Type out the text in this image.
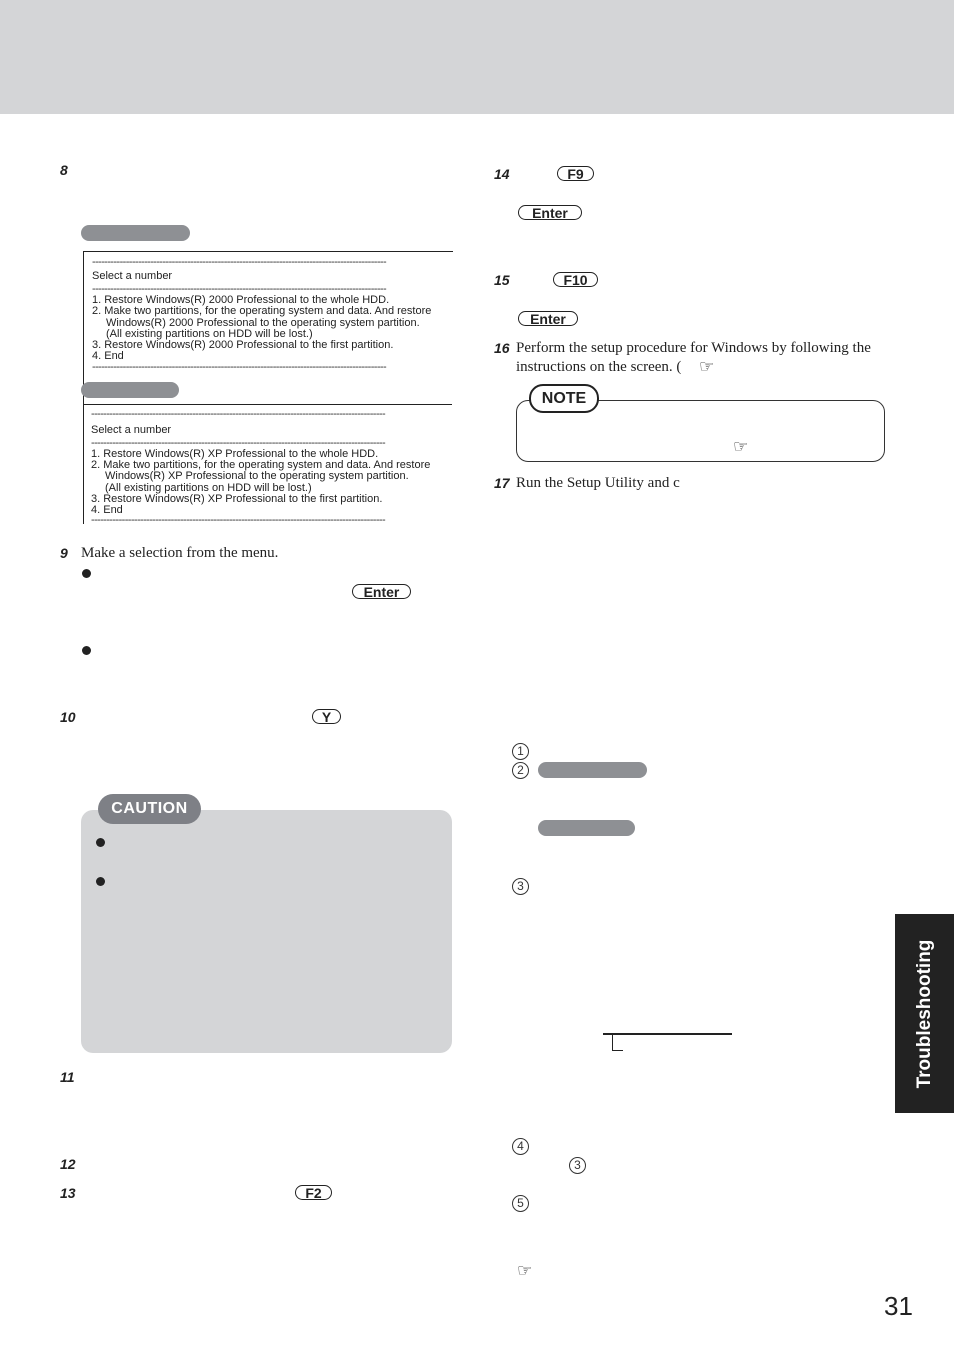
8
------------------------------------------------------------------------------------------------
Select a number
------------------------------------------------------------------------------------------------
1. Restore Windows(R) 2000 Professional to the whole HDD.
2. Make two partitions, for the operating system and data. And restore
Windows(R) 2000 Professional to the operating system partition.
(All existing partitions on HDD will be lost.)
3. Restore Windows(R) 2000 Professional to the first partition.
4. End
------------------------------------------------------------------------------------------------
------------------------------------------------------------------------------------------------
Select a number
------------------------------------------------------------------------------------------------
1. Restore Windows(R) XP Professional to the whole HDD.
2. Make two partitions, for the operating system and data. And restore
Windows(R) XP Professional to the operating system partition.
(All existing partitions on HDD will be lost.)
3. Restore Windows(R) XP Professional to the first partition.
4. End
------------------------------------------------------------------------------------------------
9 Make a selection from the menu.
Enter
10	Y
CAUTION
11
12
13	F2
14	F9
Enter
15	F10
Enter
16 Perform the setup procedure for Windows by following the
instructions on the screen. ( ☞
NOTE
☞
17 Run the Setup Utility and c
1
2
3
4
3
5
☞
Troubleshooting
31
